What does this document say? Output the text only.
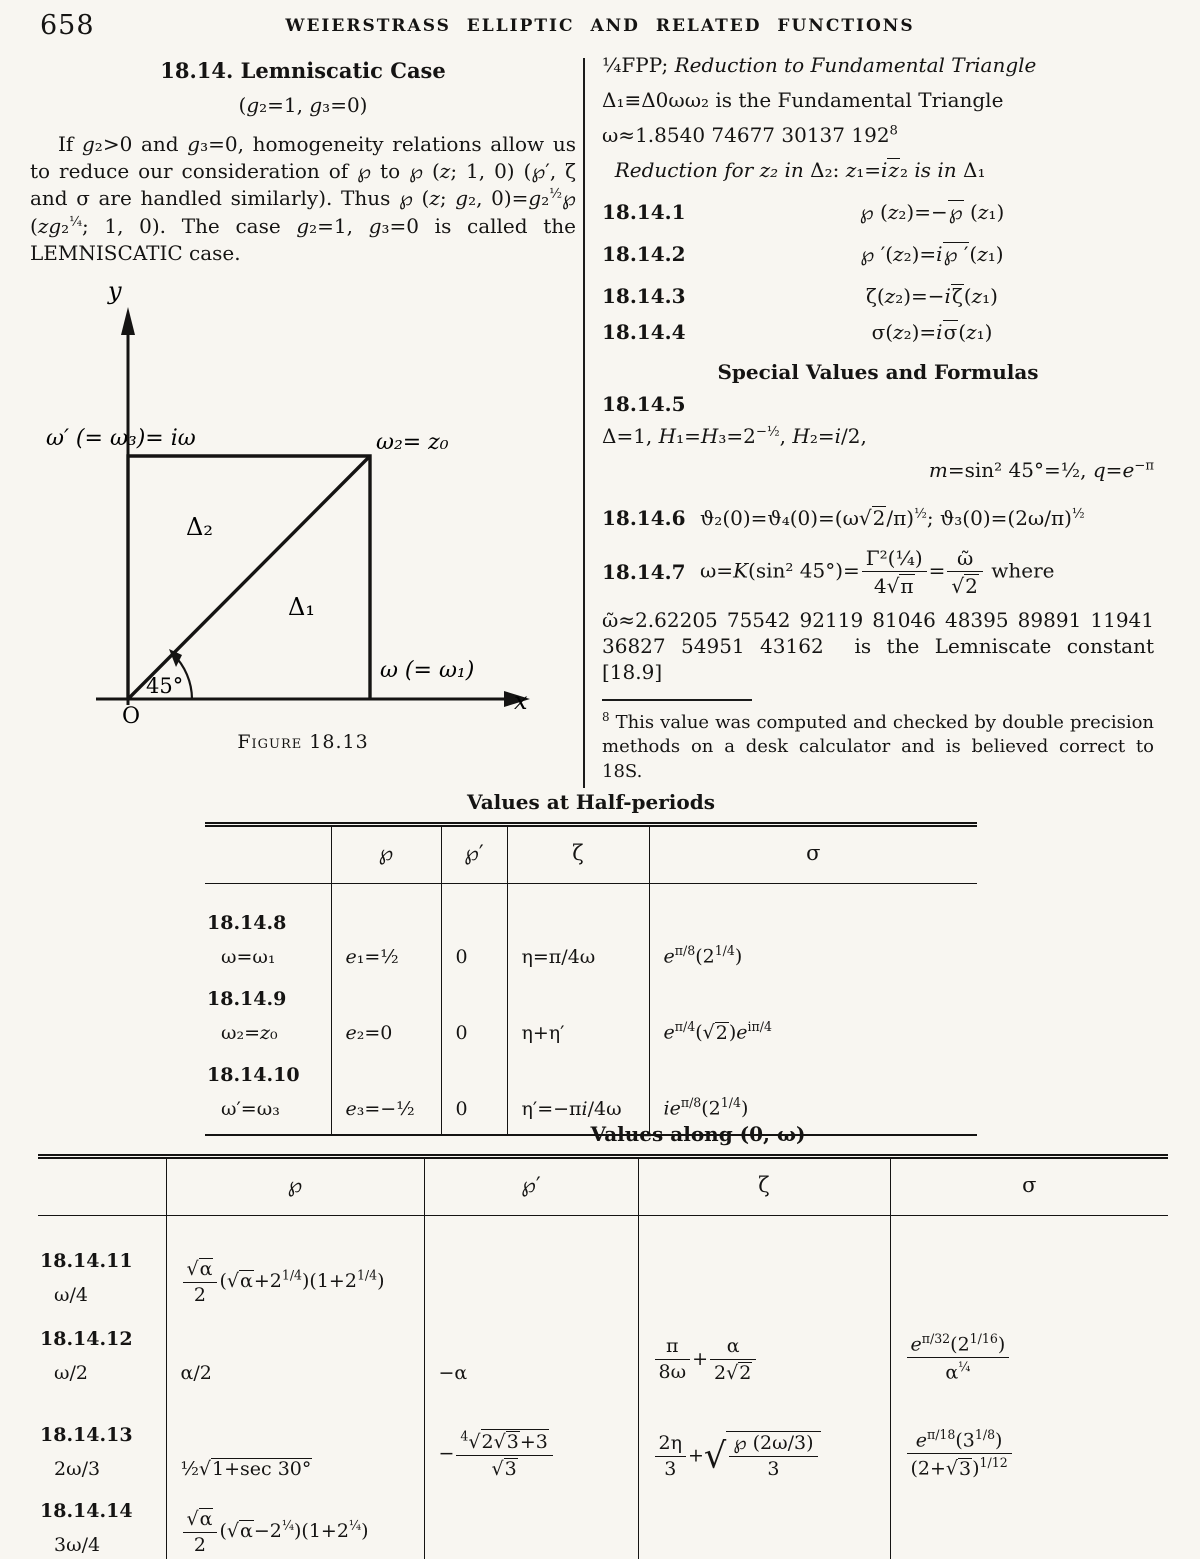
658	WEIERSTRASS ELLIPTIC AND RELATED FUNCTIONS
18.14. Lemniscatic Case
(g₂=1, g₃=0)

If g₂>0 and g₃=0, homogeneity relations allow us to reduce our consideration of ℘ to ℘ (z; 1, 0) (℘′, ζ and σ are handled similarly). Thus ℘ (z; g₂, 0)=g₂$^{\frac{1}{2}}$℘ (zg₂$^{\frac{1}{4}}$; 1, 0). The case g₂=1, g₃=0 is called the LEMNISCATIC case.

y
x
ω′ (= ω₃)= iω	ω₂= z₀
Δ₂
Δ₁
ω (= ω₁)
45°
O
Figure 18.13
¼FPP; Reduction to Fundamental Triangle
Δ₁≡Δ0ωω₂ is the Fundamental Triangle
ω≈1.8540 74677 30137 $192^8$
Reduction for z₂ in Δ₂: z₁=iz₂ is in Δ₁
18.14.1	℘ (z₂)=−℘ (z₁)
18.14.2	℘ ′(z₂)=i℘ ′(z₁)
18.14.3	ζ(z₂)=−iζ(z₁)
18.14.4	σ(z₂)=iσ(z₁)
Special Values and Formulas
18.14.5
Δ=1, $H_1=H_3=2^{-\frac{1}{2}}$, H₂=i/2,
m=sin² 45°=½, $q=e^{-\pi}$
18.14.6 $ϑ_2(0)=ϑ_4(0)=(\omega√2/\pi)^{\frac{1}{2}}$; $ϑ_3(0)=(2\omega/\pi)^{\frac{1}{2}}$
18.14.7 ω=K(sin² $45^\circ)= \frac{\text{Γ²(¼)}}{4√\pi} = \frac{\text{ῶ}}{√2}$ where
ῶ≈2.62205 75542 92119 81046 48395 89891 11941 36827 54951 43162  is the Lemniscate constant [18.9]
$^8$ This value was computed and checked by double precision methods on a desk calculator and is believed correct to 18S.
Values at Half-periods
	℘	℘′	ζ	σ

18.14.8
ω=ω₁	e₁=½	0	η=π/4ω	$e^{\pi/8}(2^{1/4})$

18.14.9
ω₂=z₀	e₂=0	0	η+η′	$e^{\pi/4}(√2)e^{i\pi/4}$

18.14.10
ω′=ω₃	e₃=−½	0	η′=−πi/4ω	$ie^{\pi/8}(2^{1/4})$
Values along (0, ω)
	℘	℘′	ζ	σ

18.14.11
ω/4	$\frac{√\alpha}{2} (√\alpha+2^{1/4})(1+2^{1/4})$			

18.14.12
ω/2	α/2	−α	$\frac{\pi}{8\omega} + \frac{\alpha}{2√2}$	$\frac{e^{\pi/32}(2^{1/16})}{\alpha^{\frac{1}{4}}}$

18.14.13
2ω/3	½√1+sec 30°	− $\frac{^4√2√3+3}{√3}$	$\frac{2\eta}{3}$ +√ $\frac{℘ (2\omega/3)}{3}$	$\frac{e^{\pi/18}(3^{1/8})}{(2+√3)^{1/12}}$

18.14.14
3ω/4	$\frac{√\alpha}{2} (√\alpha-2^{\frac{1}{4}})(1+2^{\frac{1}{4}})$			
